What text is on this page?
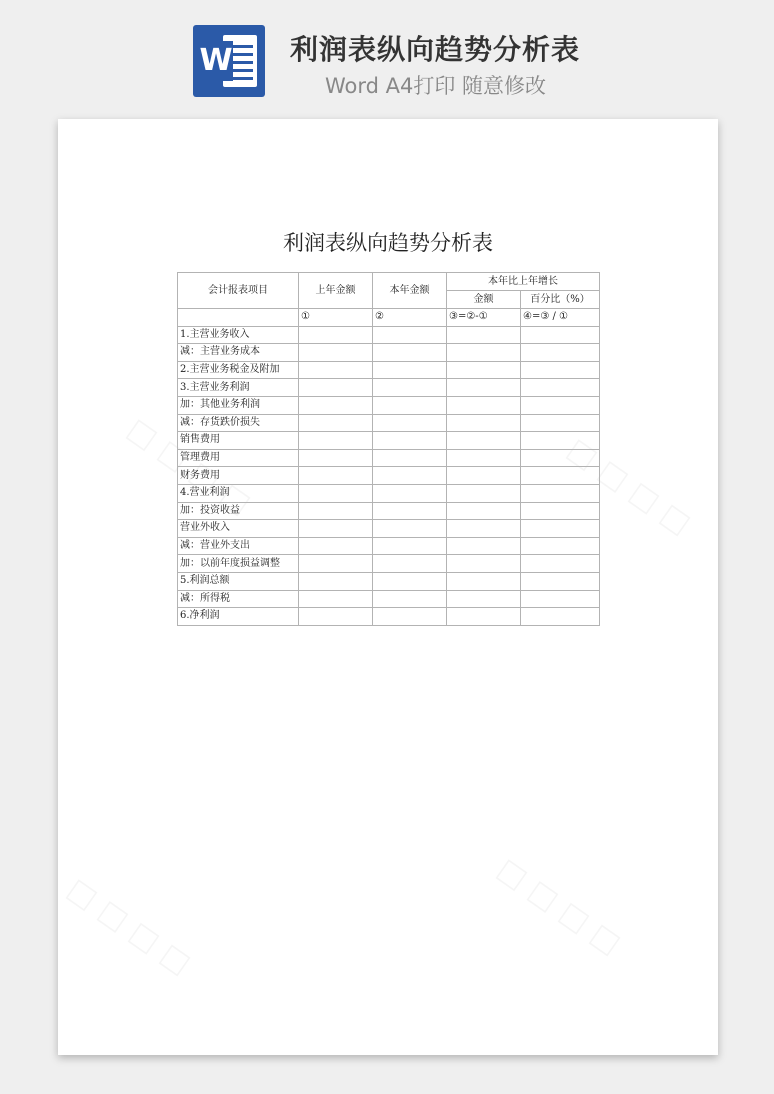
W 利润表纵向趋势分析表
Word A4打印 随意修改
利润表纵向趋势分析表
会计报表项目	上年金额	本年金额	本年比上年增长	
			金额	百分比（%）
	①	②	③=②-①	④=③ / ①
1.主营业务收入				
减：主营业务成本				
2.主营业务税金及附加				
3.主营业务利润				
加：其他业务利润				
减：存货跌价损失				
销售费用				
管理费用				
财务费用				
4.营业利润				
加：投资收益				
营业外收入				
减：营业外支出				
加：以前年度损益调整				
5.利润总额				
减：所得税				
6.净利润				
